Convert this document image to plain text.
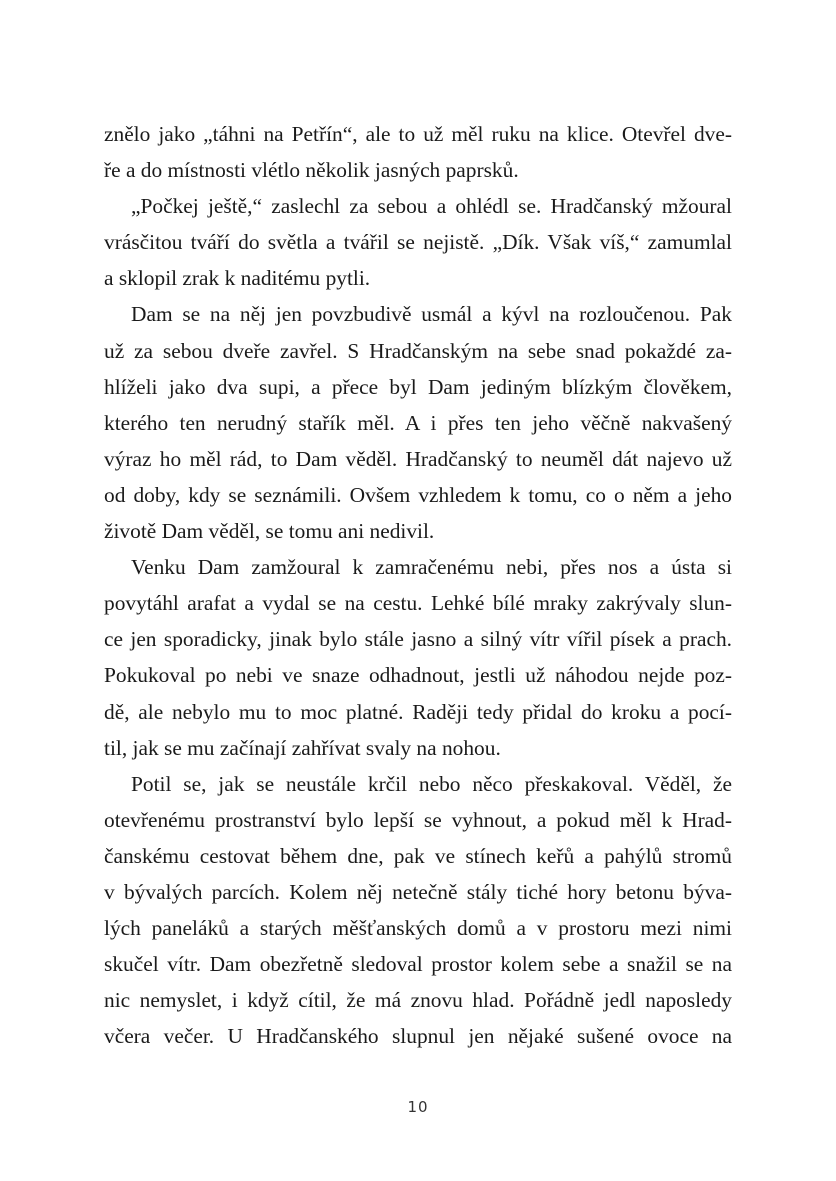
znělo jako „táhni na Petřín“, ale to už měl ruku na klice. Otevřel dve-
ře a do místnosti vlétlo několik jasných paprsků.
„Počkej ještě,“ zaslechl za sebou a ohlédl se. Hradčanský mžoural
vrásčitou tváří do světla a tvářil se nejistě. „Dík. Však víš,“ zamumlal
a sklopil zrak k naditému pytli.
Dam se na něj jen povzbudivě usmál a kývl na rozloučenou. Pak
už za sebou dveře zavřel. S Hradčanským na sebe snad pokaždé za-
hlíželi jako dva supi, a přece byl Dam jediným blízkým člověkem,
kterého ten nerudný stařík měl. A i přes ten jeho věčně nakvašený
výraz ho měl rád, to Dam věděl. Hradčanský to neuměl dát najevo už
od doby, kdy se seznámili. Ovšem vzhledem k tomu, co o něm a jeho
životě Dam věděl, se tomu ani nedivil.
Venku Dam zamžoural k zamračenému nebi, přes nos a ústa si
povytáhl arafat a vydal se na cestu. Lehké bílé mraky zakrývaly slun-
ce jen sporadicky, jinak bylo stále jasno a silný vítr vířil písek a prach.
Pokukoval po nebi ve snaze odhadnout, jestli už náhodou nejde poz-
dě, ale nebylo mu to moc platné. Raději tedy přidal do kroku a pocí-
til, jak se mu začínají zahřívat svaly na nohou.
Potil se, jak se neustále krčil nebo něco přeskakoval. Věděl, že
otevřenému prostranství bylo lepší se vyhnout, a pokud měl k Hrad-
čanskému cestovat během dne, pak ve stínech keřů a pahýlů stromů
v bývalých parcích. Kolem něj netečně stály tiché hory betonu býva-
lých paneláků a starých měšťanských domů a v prostoru mezi nimi
skučel vítr. Dam obezřetně sledoval prostor kolem sebe a snažil se na
nic nemyslet, i když cítil, že má znovu hlad. Pořádně jedl naposledy
včera večer. U Hradčanského slupnul jen nějaké sušené ovoce na
10
